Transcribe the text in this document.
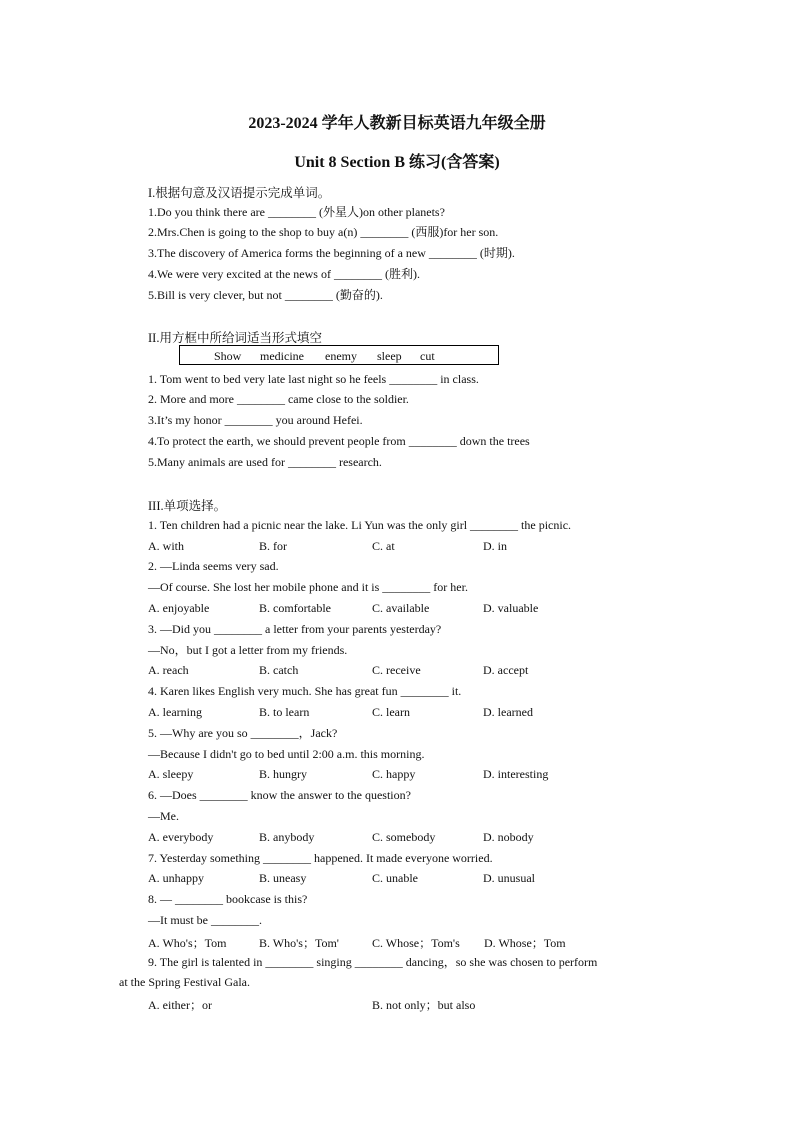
2023-2024 学年人教新目标英语九年级全册
Unit 8 Section B 练习(含答案)
I.根据句意及汉语提示完成单词。
1.Do you think there are ________ (外星人)on other planets?
2.Mrs.Chen is going to the shop to buy a(n) ________ (西服)for her son.
3.The discovery of America forms the beginning of a new ________ (时期).
4.We were very excited at the news of ________ (胜利).
5.Bill is very clever, but not ________ (勤奋的).
II.用方框中所给词适当形式填空
Show medicine enemy sleep cut
1. Tom went to bed very late last night so he feels ________ in class.
2. More and more ________ came close to the soldier.
3.It’s my honor ________ you around Hefei.
4.To protect the earth, we should prevent people from ________ down the trees
5.Many animals are used for ________ research.
III.单项选择。
1. Ten children had a picnic near the lake. Li Yun was the only girl ________ the picnic.
A. with	B. for	C. at	D. in
2. —Linda seems very sad.
—Of course. She lost her mobile phone and it is ________ for her.
A. enjoyable	B. comfortable	C. available	D. valuable
3. —Did you ________ a letter from your parents yesterday?
—No，but I got a letter from my friends.
A. reach	B. catch	C. receive	D. accept
4. Karen likes English very much. She has great fun ________ it.
A. learning	B. to learn	C. learn	D. learned
5. —Why are you so ________，Jack?
—Because I didn't go to bed until 2:00 a.m. this morning.
A. sleepy	B. hungry	C. happy	D. interesting
6. —Does ________ know the answer to the question?
—Me.
A. everybody	B. anybody	C. somebody	D. nobody
7. Yesterday something ________ happened. It made everyone worried.
A. unhappy	B. uneasy	C. unable	D. unusual
8. — ________ bookcase is this?
—It must be ________.
A. Who's；Tom	B. Who's；Tom'	C. Whose；Tom's D. Whose；Tom
9. The girl is talented in ________ singing ________ dancing，so she was chosen to perform
at the Spring Festival Gala.
A. either；or	B. not only；but also
